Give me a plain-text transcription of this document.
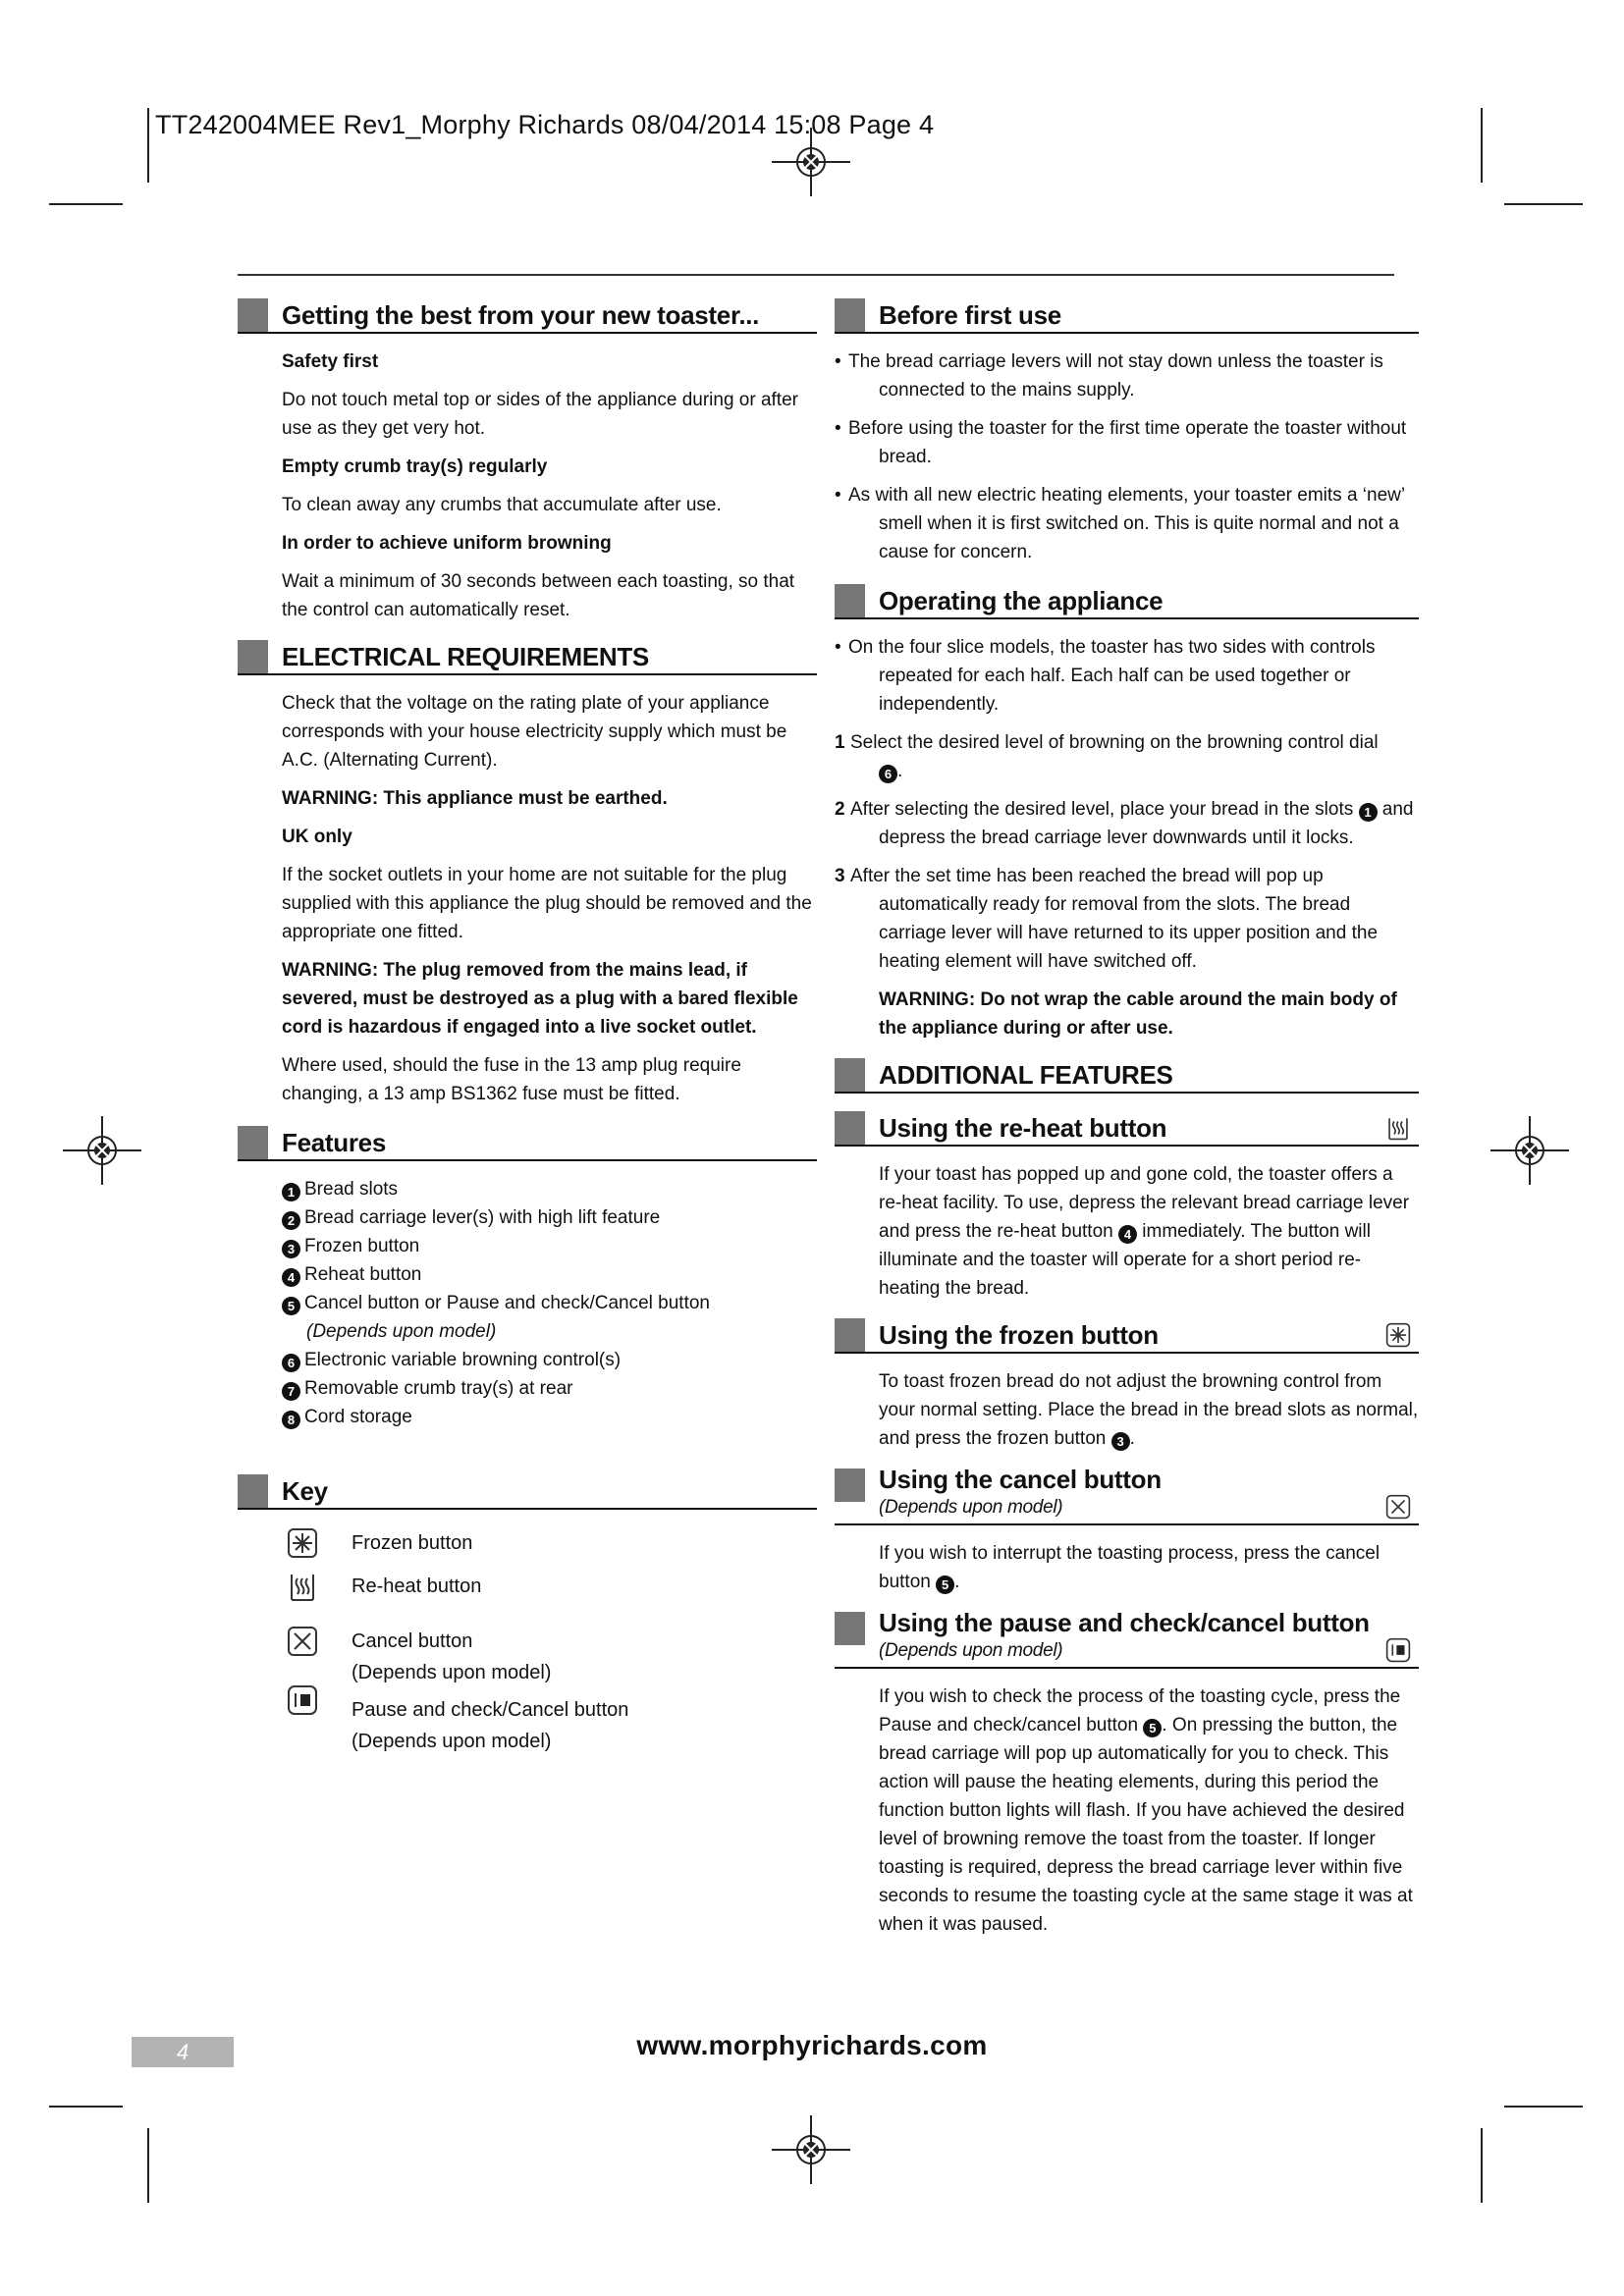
TT242004MEE Rev1_Morphy Richards 08/04/2014 15:08 Page 4
Getting the best from your new toaster...

Safety first

Do not touch metal top or sides of the appliance during or after use as they get very hot.

Empty crumb tray(s) regularly

To clean away any crumbs that accumulate after use.

In order to achieve uniform browning

Wait a minimum of 30 seconds between each toasting, so that the control can automatically reset.

ELECTRICAL REQUIREMENTS

Check that the voltage on the rating plate of your appliance corresponds with your house electricity supply which must be A.C. (Alternating Current).

WARNING: This appliance must be earthed.

UK only

If the socket outlets in your home are not suitable for the plug supplied with this appliance the plug should be removed and the appropriate one fitted.

WARNING: The plug removed from the mains lead, if severed, must be destroyed as a plug with a bared flexible cord is hazardous if engaged into a live socket outlet.

Where used, should the fuse in the 13 amp plug require changing, a 13 amp BS1362 fuse must be fitted.

Features
1 Bread slots
2 Bread carriage lever(s) with high lift feature
3 Frozen button
4 Reheat button
5 Cancel button or Pause and check/Cancel button
(Depends upon model)
6 Electronic variable browning control(s)
7 Removable crumb tray(s) at rear
8 Cord storage
Key
Frozen button
Re-heat button
Cancel button
(Depends upon model)
Pause and check/Cancel button
(Depends upon model)
Before first use
• The bread carriage levers will not stay down unless the toaster is connected to the mains supply.
• Before using the toaster for the first time operate the toaster without bread.
• As with all new electric heating elements, your toaster emits a ‘new’ smell when it is first switched on. This is quite normal and not a cause for concern.
Operating the appliance
• On the four slice models, the toaster has two sides with controls repeated for each half. Each half can be used together or independently.
1 Select the desired level of browning on the browning control dial
6 .
2 After selecting the desired level, place your bread in the slots 1 and depress the bread carriage lever downwards until it locks.
3 After the set time has been reached the bread will pop up automatically ready for removal from the slots. The bread carriage lever will have returned to its upper position and the heating element will have switched off.

WARNING: Do not wrap the cable around the main body of the appliance during or after use.

ADDITIONAL FEATURES
Using the re-heat button

If your toast has popped up and gone cold, the toaster offers a re-heat facility. To use, depress the relevant bread carriage lever and press the re-heat button 4 immediately. The button will illuminate and the toaster will operate for a short period re-heating the bread.

Using the frozen button

To toast frozen bread do not adjust the browning control from your normal setting. Place the bread in the bread slots as normal, and press the frozen button 3 .

Using the cancel button
(Depends upon model)

If you wish to interrupt the toasting process, press the cancel button 5 .

Using the pause and check/cancel button
(Depends upon model)

If you wish to check the process of the toasting cycle, press the Pause and check/cancel button 5 . On pressing the button, the bread carriage will pop up automatically for you to check. This action will pause the heating elements, during this period the function button lights will flash. If you have achieved the desired level of browning remove the toast from the toaster. If longer toasting is required, depress the bread carriage lever within five seconds to resume the toasting cycle at the same stage it was at when it was paused.

4	www.morphyrichards.com
